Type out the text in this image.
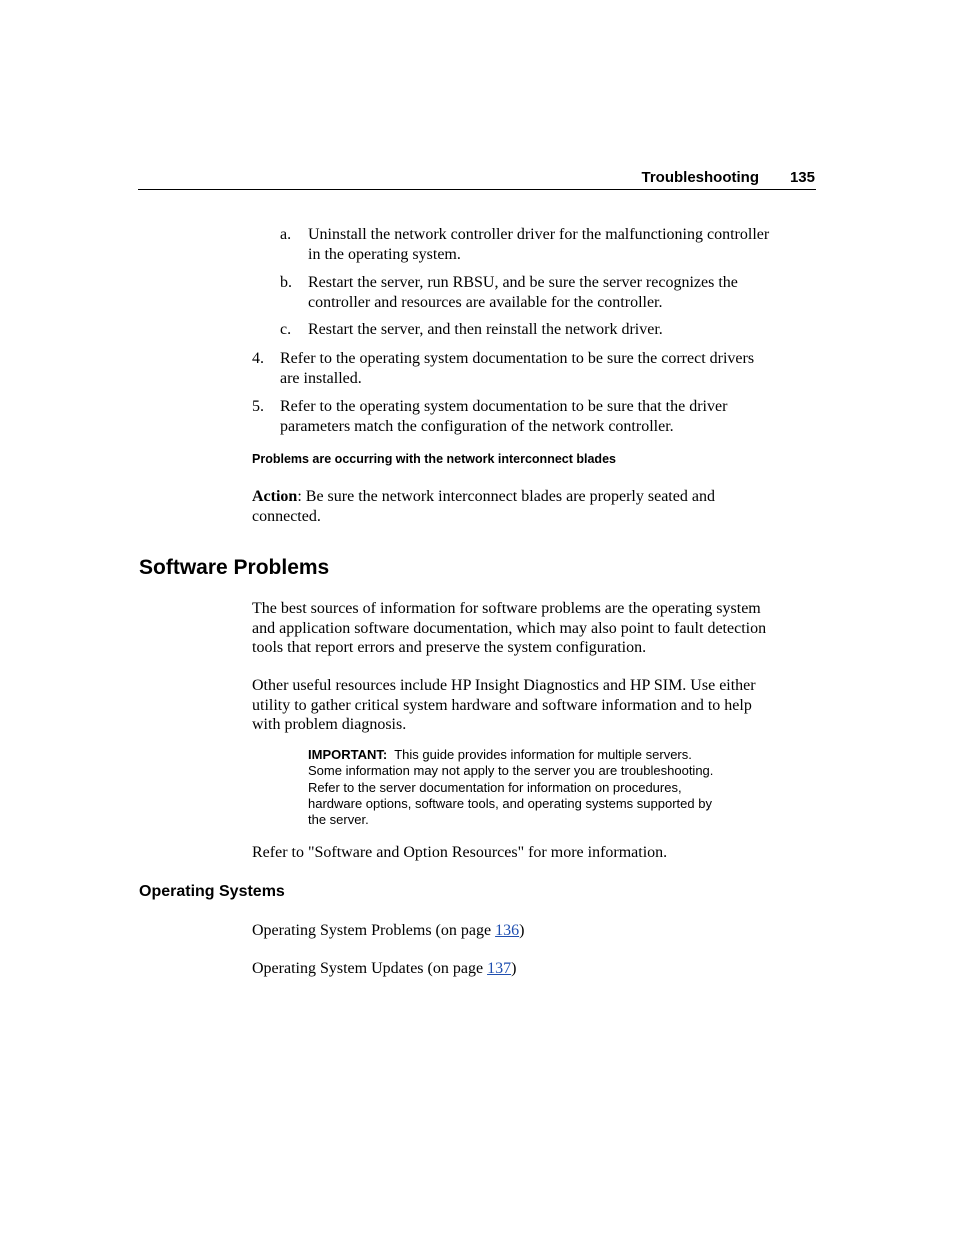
Troubleshooting 135
a. Uninstall the network controller driver for the malfunctioning controller
in the operating system.
b. Restart the server, run RBSU, and be sure the server recognizes the
controller and resources are available for the controller.
c. Restart the server, and then reinstall the network driver.
4. Refer to the operating system documentation to be sure the correct drivers
are installed.
5. Refer to the operating system documentation to be sure that the driver
parameters match the configuration of the network controller.
Problems are occurring with the network interconnect blades
Action: Be sure the network interconnect blades are properly seated and
connected.
Software Problems
The best sources of information for software problems are the operating system
and application software documentation, which may also point to fault detection
tools that report errors and preserve the system configuration.
Other useful resources include HP Insight Diagnostics and HP SIM. Use either
utility to gather critical system hardware and software information and to help
with problem diagnosis.
IMPORTANT:  This guide provides information for multiple servers.
Some information may not apply to the server you are troubleshooting.
Refer to the server documentation for information on procedures,
hardware options, software tools, and operating systems supported by
the server.
Refer to "Software and Option Resources" for more information.
Operating Systems
Operating System Problems (on page 136)
Operating System Updates (on page 137)
